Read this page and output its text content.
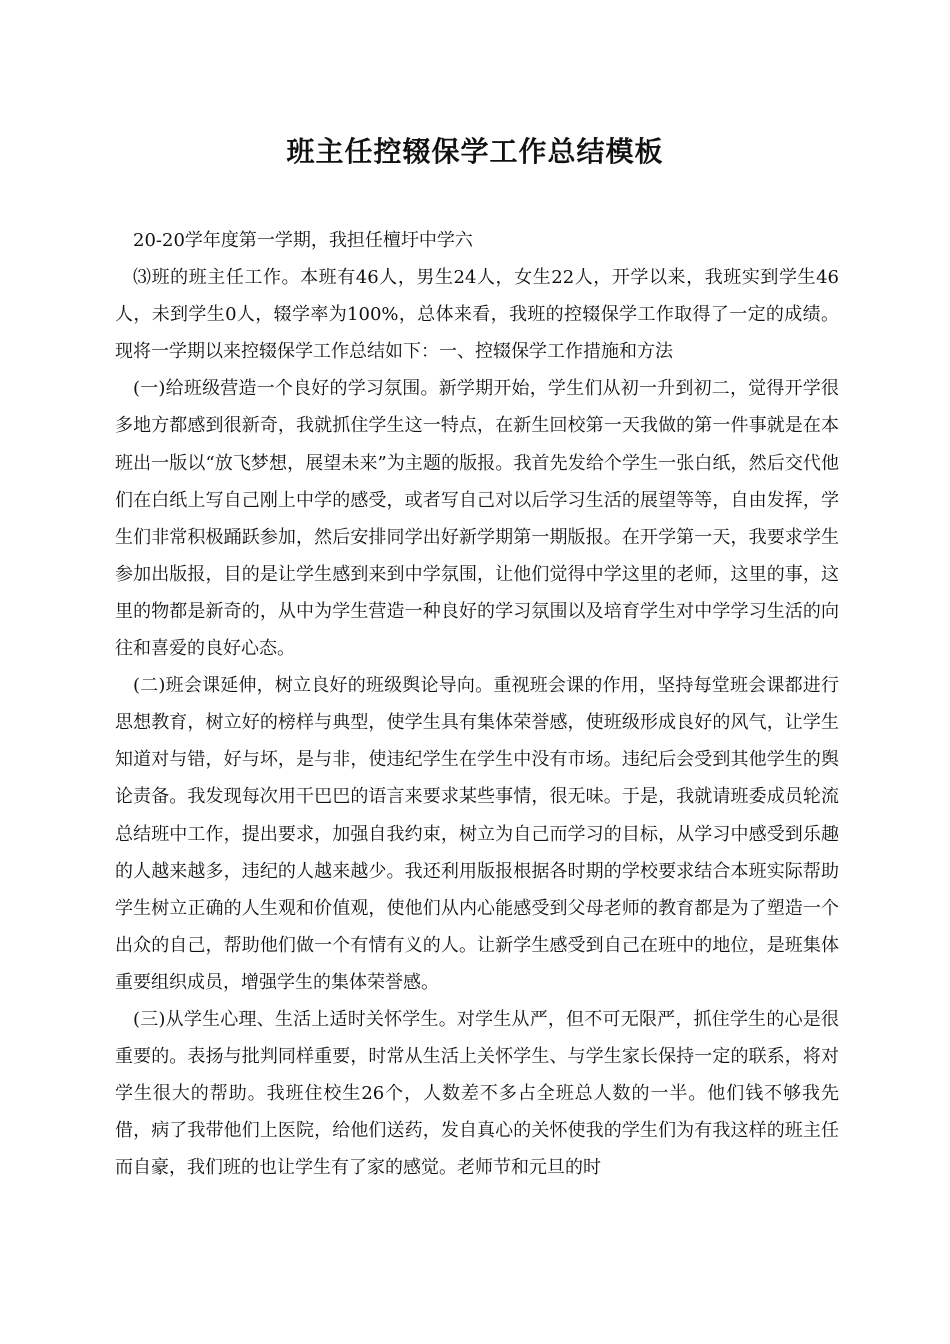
班主任控辍保学工作总结模板

20-20学年度第一学期，我担任檀圩中学六

⑶班的班主任工作。本班有46人，男生24人，女生22人，开学以来，我班实到学生46人，未到学生0人，辍学率为100%，总体来看，我班的控辍保学工作取得了一定的成绩。现将一学期以来控辍保学工作总结如下：一、控辍保学工作措施和方法

(一)给班级营造一个良好的学习氛围。新学期开始，学生们从初一升到初二，觉得开学很多地方都感到很新奇，我就抓住学生这一特点，在新生回校第一天我做的第一件事就是在本班出一版以“放飞梦想，展望未来”为主题的版报。我首先发给个学生一张白纸，然后交代他们在白纸上写自己刚上中学的感受，或者写自己对以后学习生活的展望等等，自由发挥，学生们非常积极踊跃参加，然后安排同学出好新学期第一期版报。在开学第一天，我要求学生参加出版报，目的是让学生感到来到中学氛围，让他们觉得中学这里的老师，这里的事，这里的物都是新奇的，从中为学生营造一种良好的学习氛围以及培育学生对中学学习生活的向往和喜爱的良好心态。

(二)班会课延伸，树立良好的班级舆论导向。重视班会课的作用，坚持每堂班会课都进行思想教育，树立好的榜样与典型，使学生具有集体荣誉感，使班级形成良好的风气，让学生知道对与错，好与坏，是与非，使违纪学生在学生中没有市场。违纪后会受到其他学生的舆论责备。我发现每次用干巴巴的语言来要求某些事情，很无味。于是，我就请班委成员轮流总结班中工作，提出要求，加强自我约束，树立为自己而学习的目标，从学习中感受到乐趣的人越来越多，违纪的人越来越少。我还利用版报根据各时期的学校要求结合本班实际帮助学生树立正确的人生观和价值观，使他们从内心能感受到父母老师的教育都是为了塑造一个出众的自己，帮助他们做一个有情有义的人。让新学生感受到自己在班中的地位，是班集体重要组织成员，增强学生的集体荣誉感。

(三)从学生心理、生活上适时关怀学生。对学生从严，但不可无限严，抓住学生的心是很重要的。表扬与批判同样重要，时常从生活上关怀学生、与学生家长保持一定的联系，将对学生很大的帮助。我班住校生26个，人数差不多占全班总人数的一半。他们钱不够我先借，病了我带他们上医院，给他们送药，发自真心的关怀使我的学生们为有我这样的班主任而自豪，我们班的也让学生有了家的感觉。老师节和元旦的时
